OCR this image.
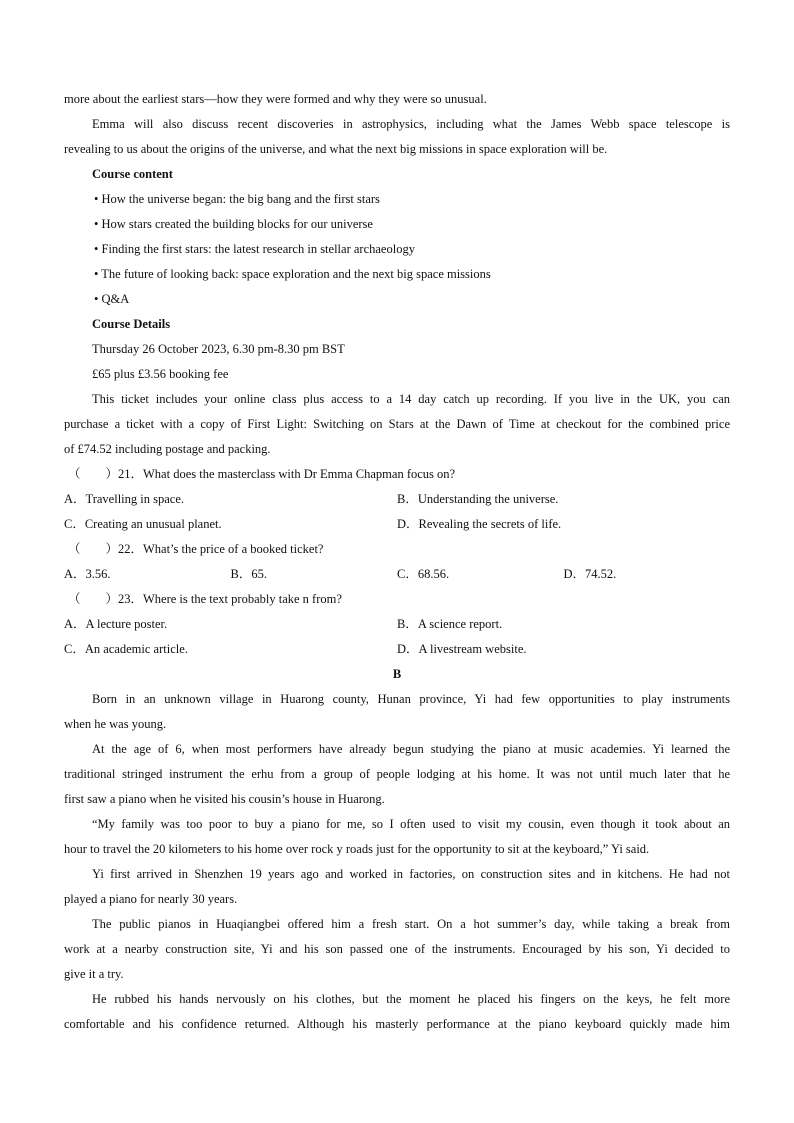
more about the earliest stars—how they were formed and why they were so unusual.
Emma will also discuss recent discoveries in astrophysics, including what the James Webb space telescope is
revealing to us about the origins of the universe, and what the next big missions in space exploration will be.
Course content
• How the universe began: the big bang and the first stars
• How stars created the building blocks for our universe
• Finding the first stars: the latest research in stellar archaeology
• The future of looking back: space exploration and the next big space missions
• Q&A
Course Details
Thursday 26 October 2023, 6.30 pm-8.30 pm BST
£65 plus £3.56 booking fee
This ticket includes your online class plus access to a 14 day catch up recording. If you live in the UK, you can
purchase a ticket with a copy of First Light: Switching on Stars at the Dawn of Time at checkout for the combined price
of £74.52 including postage and packing.
（　　）21．What does the masterclass with Dr Emma Chapman focus on?
A．Travelling in space.	B．Understanding the universe.
C．Creating an unusual planet.	D．Revealing the secrets of life.
（　　）22．What’s the price of a booked ticket?
A．3.56.	B．65.	C．68.56.	D．74.52.
（　　）23．Where is the text probably take n from?
A．A lecture poster.	B．A science report.
C．An academic article.	D．A livestream website.
B
Born in an unknown village in Huarong county, Hunan province, Yi had few opportunities to play instruments
when he was young.
At the age of 6, when most performers have already begun studying the piano at music academies. Yi learned the
traditional stringed instrument the erhu from a group of people lodging at his home. It was not until much later that he
first saw a piano when he visited his cousin’s house in Huarong.
“My family was too poor to buy a piano for me, so I often used to visit my cousin, even though it took about an
hour to travel the 20 kilometers to his home over rock y roads just for the opportunity to sit at the keyboard,” Yi said.
Yi first arrived in Shenzhen 19 years ago and worked in factories, on construction sites and in kitchens. He had not
played a piano for nearly 30 years.
The public pianos in Huaqiangbei offered him a fresh start. On a hot summer’s day, while taking a break from
work at a nearby construction site, Yi and his son passed one of the instruments. Encouraged by his son, Yi decided to
give it a try.
He rubbed his hands nervously on his clothes, but the moment he placed his fingers on the keys, he felt more
comfortable and his confidence returned. Although his masterly performance at the piano keyboard quickly made him
